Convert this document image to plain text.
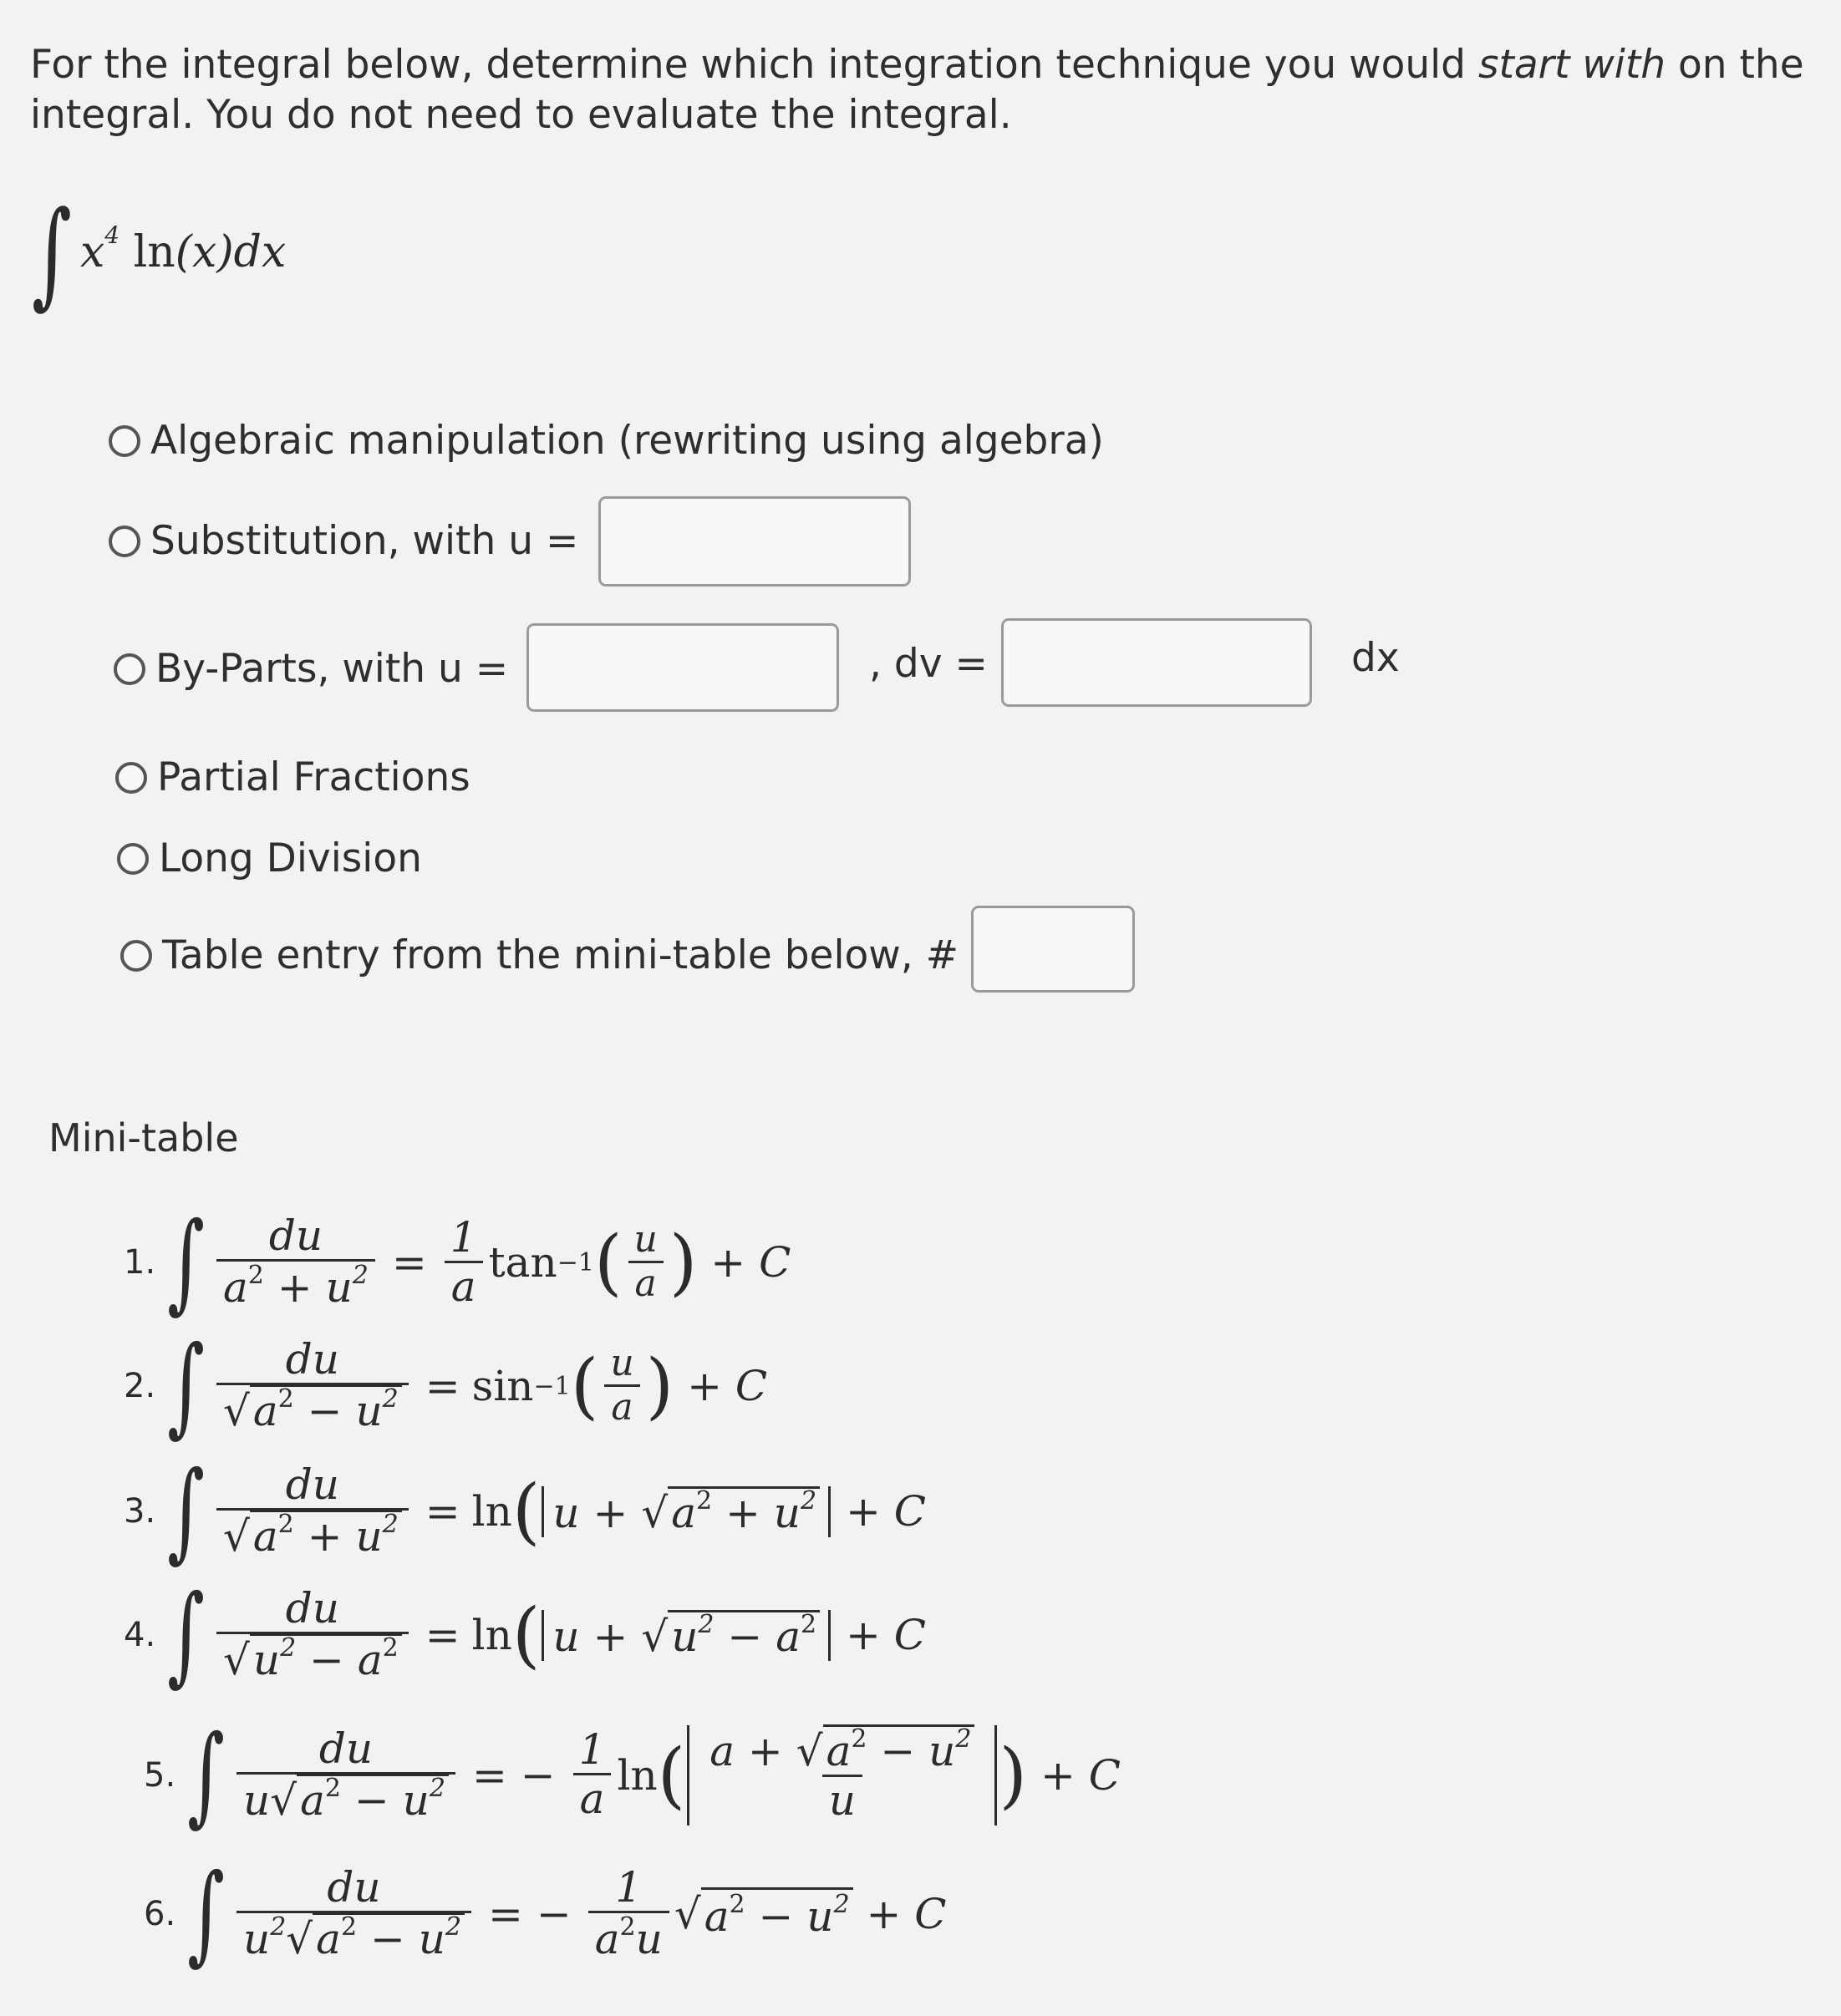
For the integral below, determine which integration technique you would start with on the integral. You do not need to evaluate the integral.
∫ $x^4$ ln(x)dx
Algebraic manipulation (rewriting using algebra)
Substitution, with u =
By-Parts, with u =	, dv =	dx
Partial Fractions
Long Division
Table entry from the mini-table below, #
Mini-table
1. ∫ $\frac{du}{a^2 + u^2} = \frac{1}{a}$ tan −1 ( $\frac{u}{a}$ ) + C
2. ∫ $\frac{du}{√a^2 - u^2} = \sin -1$ ( $\frac{u}{a}$ ) + C
3. ∫ $\frac{du}{√a^2 + u^2} = \ln$ ( $u + √a^2 + u^2 + C$
4. ∫ $\frac{du}{√u^2 - a^2} = \ln$ ( $u + √u^2 - a^2 + C$
5. ∫ $\frac{du}{u√a^2 - u^2}$ = − $\frac{1}{a}$ ln ( $\frac{a + √a^2 - u^2}{u}$ ) + C
6. ∫ $\frac{du}{u^2√a^2 - u^2}$ = − $\frac{1}{a^2u}$ √ $a^2 - u^2 + C$
